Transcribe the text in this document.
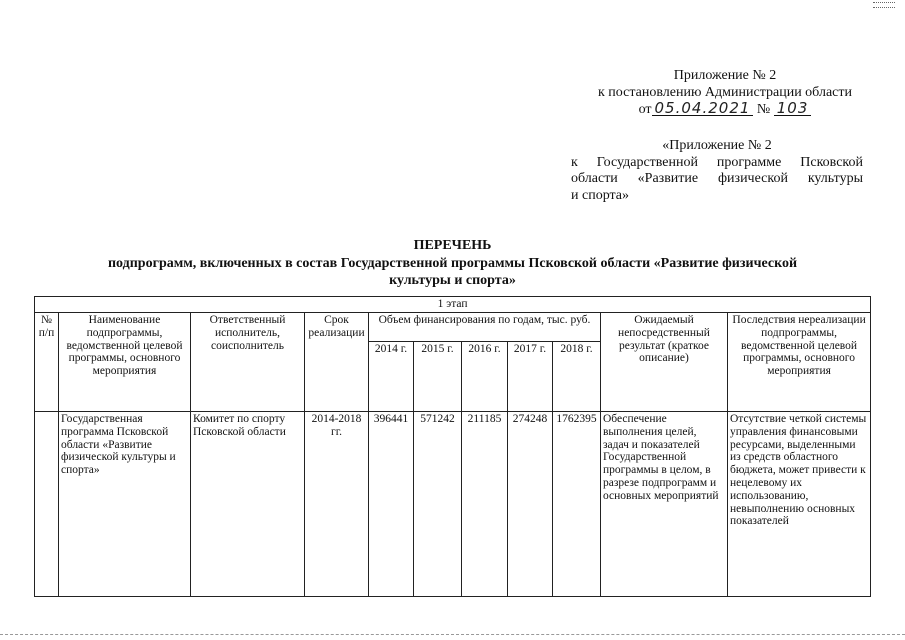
Приложение № 2
к постановлению Администрации области
от 05.04.2021 № 103
«Приложение № 2
к Государственной программе Псковской
области «Развитие физической культуры
и спорта»
ПЕРЕЧЕНЬ
подпрограмм, включенных в состав Государственной программы Псковской области «Развитие физической
культуры и спорта»
1 этап										
№ п/п	Наименование подпрограммы, ведомственной целевой программы, основного мероприятия	Ответственный исполнитель, соисполнитель	Срок реализации	Объем финансирования по годам, тыс. руб.					Ожидаемый непосредственный результат (краткое описание)	Последствия нереализации подпрограммы, ведомственной целевой программы, основного мероприятия
				2014 г.	2015 г.	2016 г.	2017 г.	2018 г.		
	Государственная программа Псковской области «Развитие физической культуры и спорта»	Комитет по спорту Псковской области	2014-2018 гг.	396441	571242	211185	274248	1762395	Обеспечение выполнения целей, задач и показателей Государственной программы в целом, в разрезе подпрограмм и основных мероприятий	Отсутствие четкой системы управления финансовыми ресурсами, выделенными из средств областного бюджета, может привести к нецелевому их использованию, невыполнению основных показателей
